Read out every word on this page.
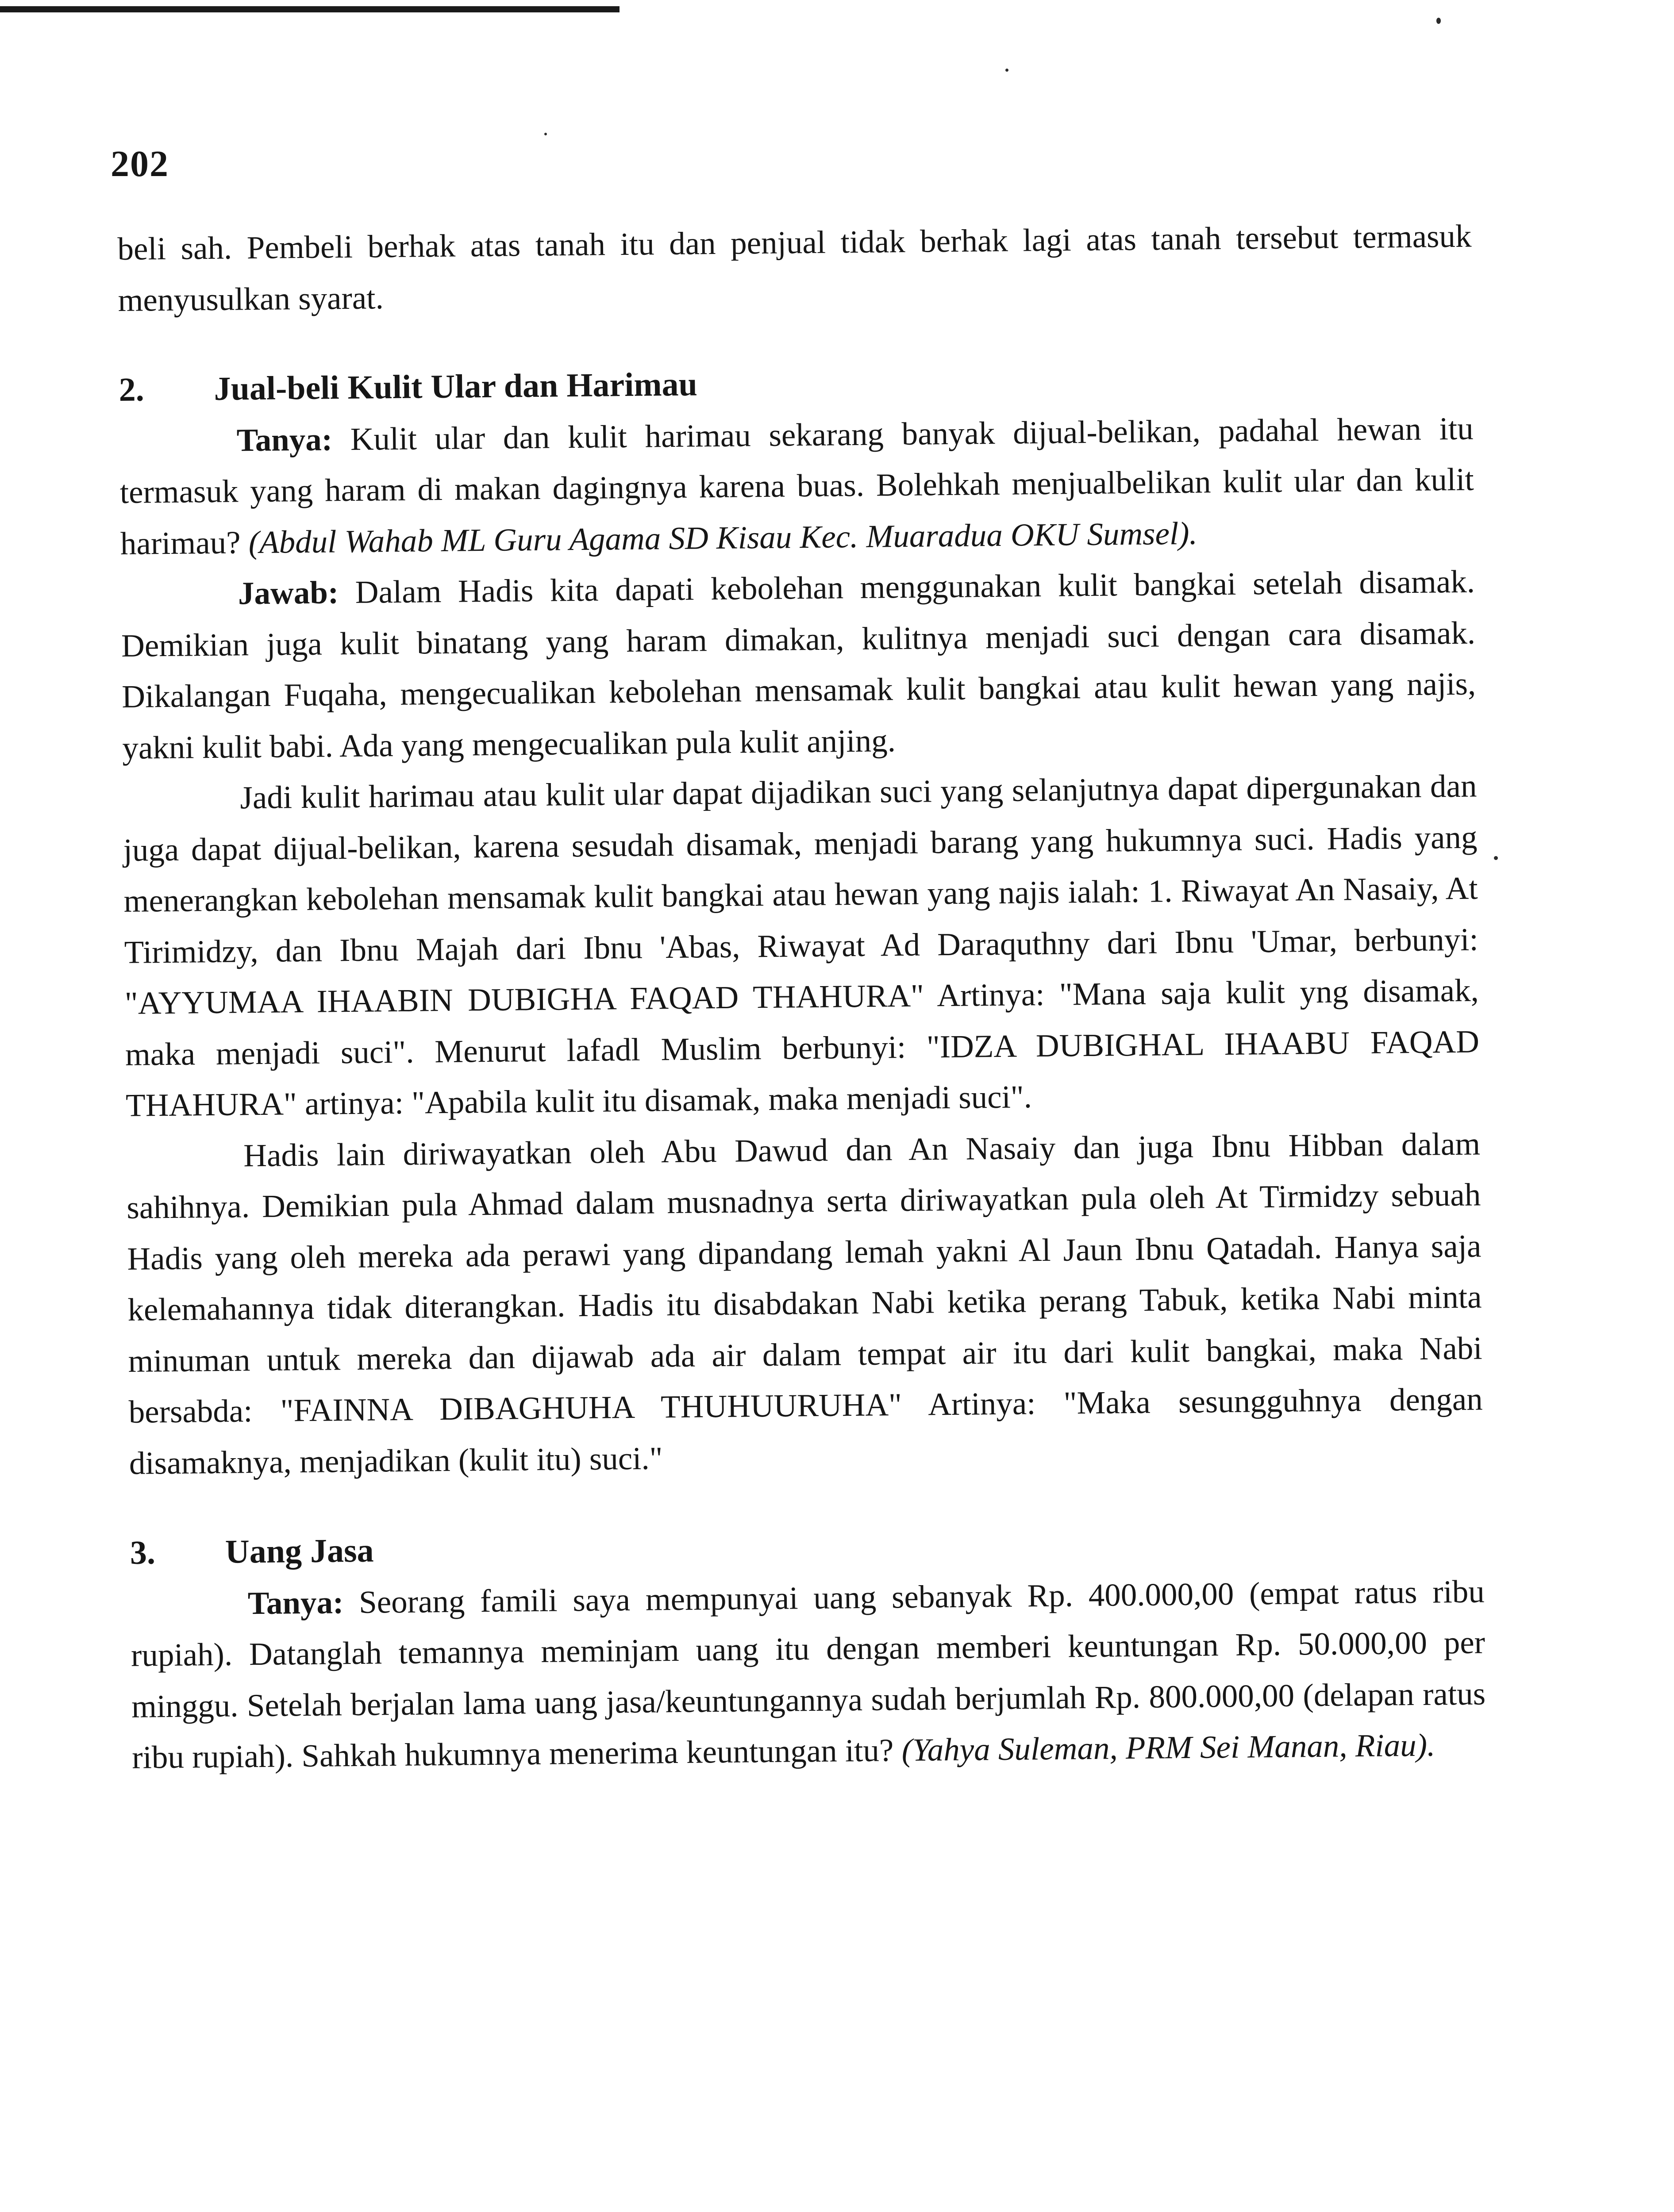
202

beli sah. Pembeli berhak atas tanah itu dan penjual tidak berhak lagi atas tanah tersebut termasuk menyusulkan syarat.

2. Jual-beli Kulit Ular dan Harimau

Tanya: Kulit ular dan kulit harimau sekarang banyak dijual-belikan, padahal hewan itu termasuk yang haram di makan dagingnya karena buas. Bolehkah menjualbelikan kulit ular dan kulit harimau? (Abdul Wahab ML Guru Agama SD Kisau Kec. Muaradua OKU Sumsel).

Jawab: Dalam Hadis kita dapati kebolehan menggunakan kulit bangkai setelah disamak. Demikian juga kulit binatang yang haram dimakan, kulitnya menjadi suci dengan cara disamak. Dikalangan Fuqaha, mengecualikan kebolehan mensamak kulit bangkai atau kulit hewan yang najis, yakni kulit babi. Ada yang mengecualikan pula kulit anjing.

Jadi kulit harimau atau kulit ular dapat dijadikan suci yang selanjutnya dapat dipergunakan dan juga dapat dijual-belikan, karena sesudah disamak, menjadi barang yang hukumnya suci. Hadis yang menerangkan kebolehan mensamak kulit bangkai atau hewan yang najis ialah: 1. Riwayat An Nasaiy, At Tirimidzy, dan Ibnu Majah dari Ibnu 'Abas, Riwayat Ad Daraquthny dari Ibnu 'Umar, berbunyi: "AYYUMAA IHAABIN DUBIGHA FAQAD THAHURA" Artinya: "Mana saja kulit yng disamak, maka menjadi suci". Menurut lafadl Muslim berbunyi: "IDZA DUBIGHAL IHAABU FAQAD THAHURA" artinya: "Apabila kulit itu disamak, maka menjadi suci".

Hadis lain diriwayatkan oleh Abu Dawud dan An Nasaiy dan juga Ibnu Hibban dalam sahihnya. Demikian pula Ahmad dalam musnadnya serta diriwayatkan pula oleh At Tirmidzy sebuah Hadis yang oleh mereka ada perawi yang dipandang lemah yakni Al Jaun Ibnu Qatadah. Hanya saja kelemahannya tidak diterangkan. Hadis itu disabdakan Nabi ketika perang Tabuk, ketika Nabi minta minuman untuk mereka dan dijawab ada air dalam tempat air itu dari kulit bangkai, maka Nabi bersabda: "FAINNA DIBAGHUHA THUHUURUHA" Artinya: "Maka sesungguhnya dengan disamaknya, menjadikan (kulit itu) suci."

3. Uang Jasa

Tanya: Seorang famili saya mempunyai uang sebanyak Rp. 400.000,00 (empat ratus ribu rupiah). Datanglah temannya meminjam uang itu dengan memberi keuntungan Rp. 50.000,00 per minggu. Setelah berjalan lama uang jasa/keuntungannya sudah berjumlah Rp. 800.000,00 (delapan ratus ribu rupiah). Sahkah hukumnya menerima keuntungan itu? (Yahya Suleman, PRM Sei Manan, Riau).
